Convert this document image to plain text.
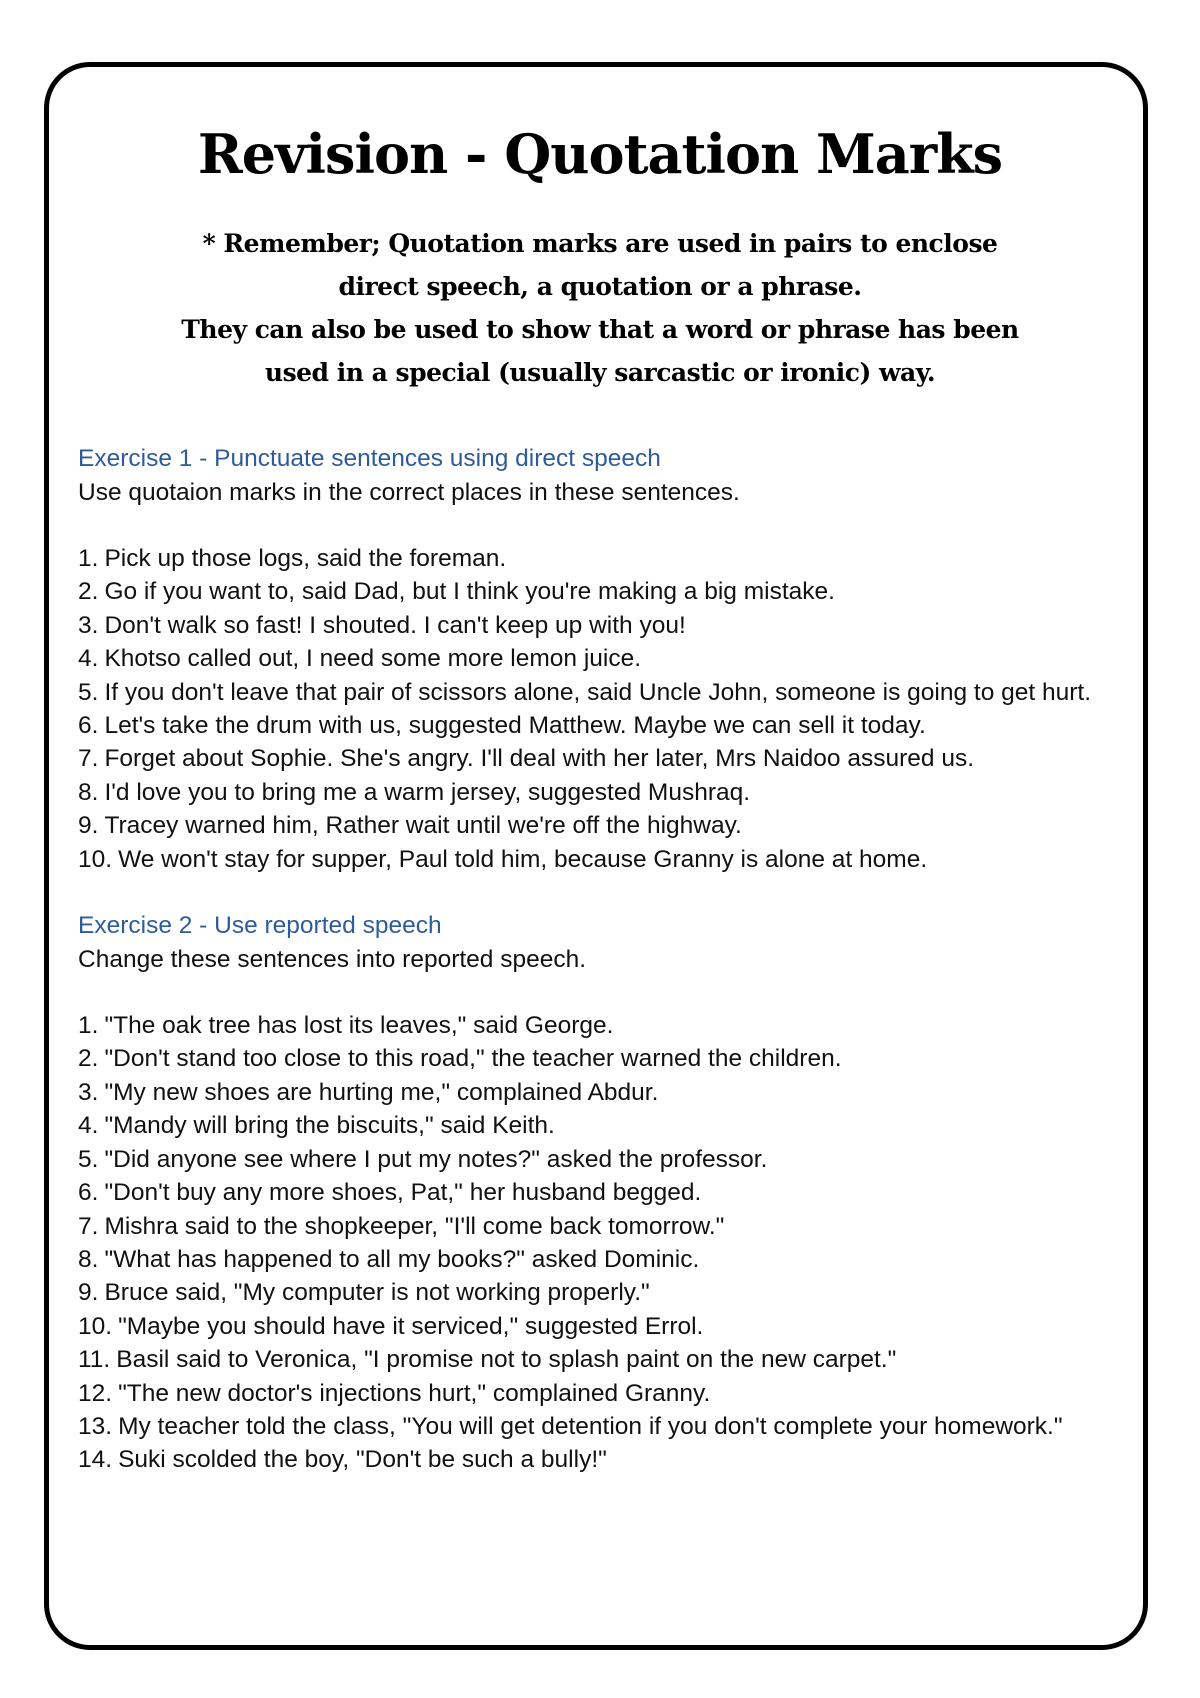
Revision - Quotation Marks
* Remember; Quotation marks are used in pairs to enclose
direct speech, a quotation or a phrase.
They can also be used to show that a word or phrase has been
used in a special (usually sarcastic or ironic) way.

Exercise 1 - Punctuate sentences using direct speech

Use quotaion marks in the correct places in these sentences.

1. Pick up those logs, said the foreman.
2. Go if you want to, said Dad, but I think you're making a big mistake.
3. Don't walk so fast! I shouted. I can't keep up with you!
4. Khotso called out, I need some more lemon juice.
5. If you don't leave that pair of scissors alone, said Uncle John, someone is going to get hurt.
6. Let's take the drum with us, suggested Matthew. Maybe we can sell it today.
7. Forget about Sophie. She's angry. I'll deal with her later, Mrs Naidoo assured us.
8. I'd love you to bring me a warm jersey, suggested Mushraq.
9. Tracey warned him, Rather wait until we're off the highway.
10. We won't stay for supper, Paul told him, because Granny is alone at home.

Exercise 2 - Use reported speech

Change these sentences into reported speech.

1. "The oak tree has lost its leaves," said George.
2. "Don't stand too close to this road," the teacher warned the children.
3. "My new shoes are hurting me," complained Abdur.
4. "Mandy will bring the biscuits," said Keith.
5. "Did anyone see where I put my notes?" asked the professor.
6. "Don't buy any more shoes, Pat," her husband begged.
7. Mishra said to the shopkeeper, "I'll come back tomorrow."
8. "What has happened to all my books?" asked Dominic.
9. Bruce said, "My computer is not working properly."
10. "Maybe you should have it serviced," suggested Errol.
11. Basil said to Veronica, "I promise not to splash paint on the new carpet."
12. "The new doctor's injections hurt," complained Granny.
13. My teacher told the class, "You will get detention if you don't complete your homework."
14. Suki scolded the boy, "Don't be such a bully!"
